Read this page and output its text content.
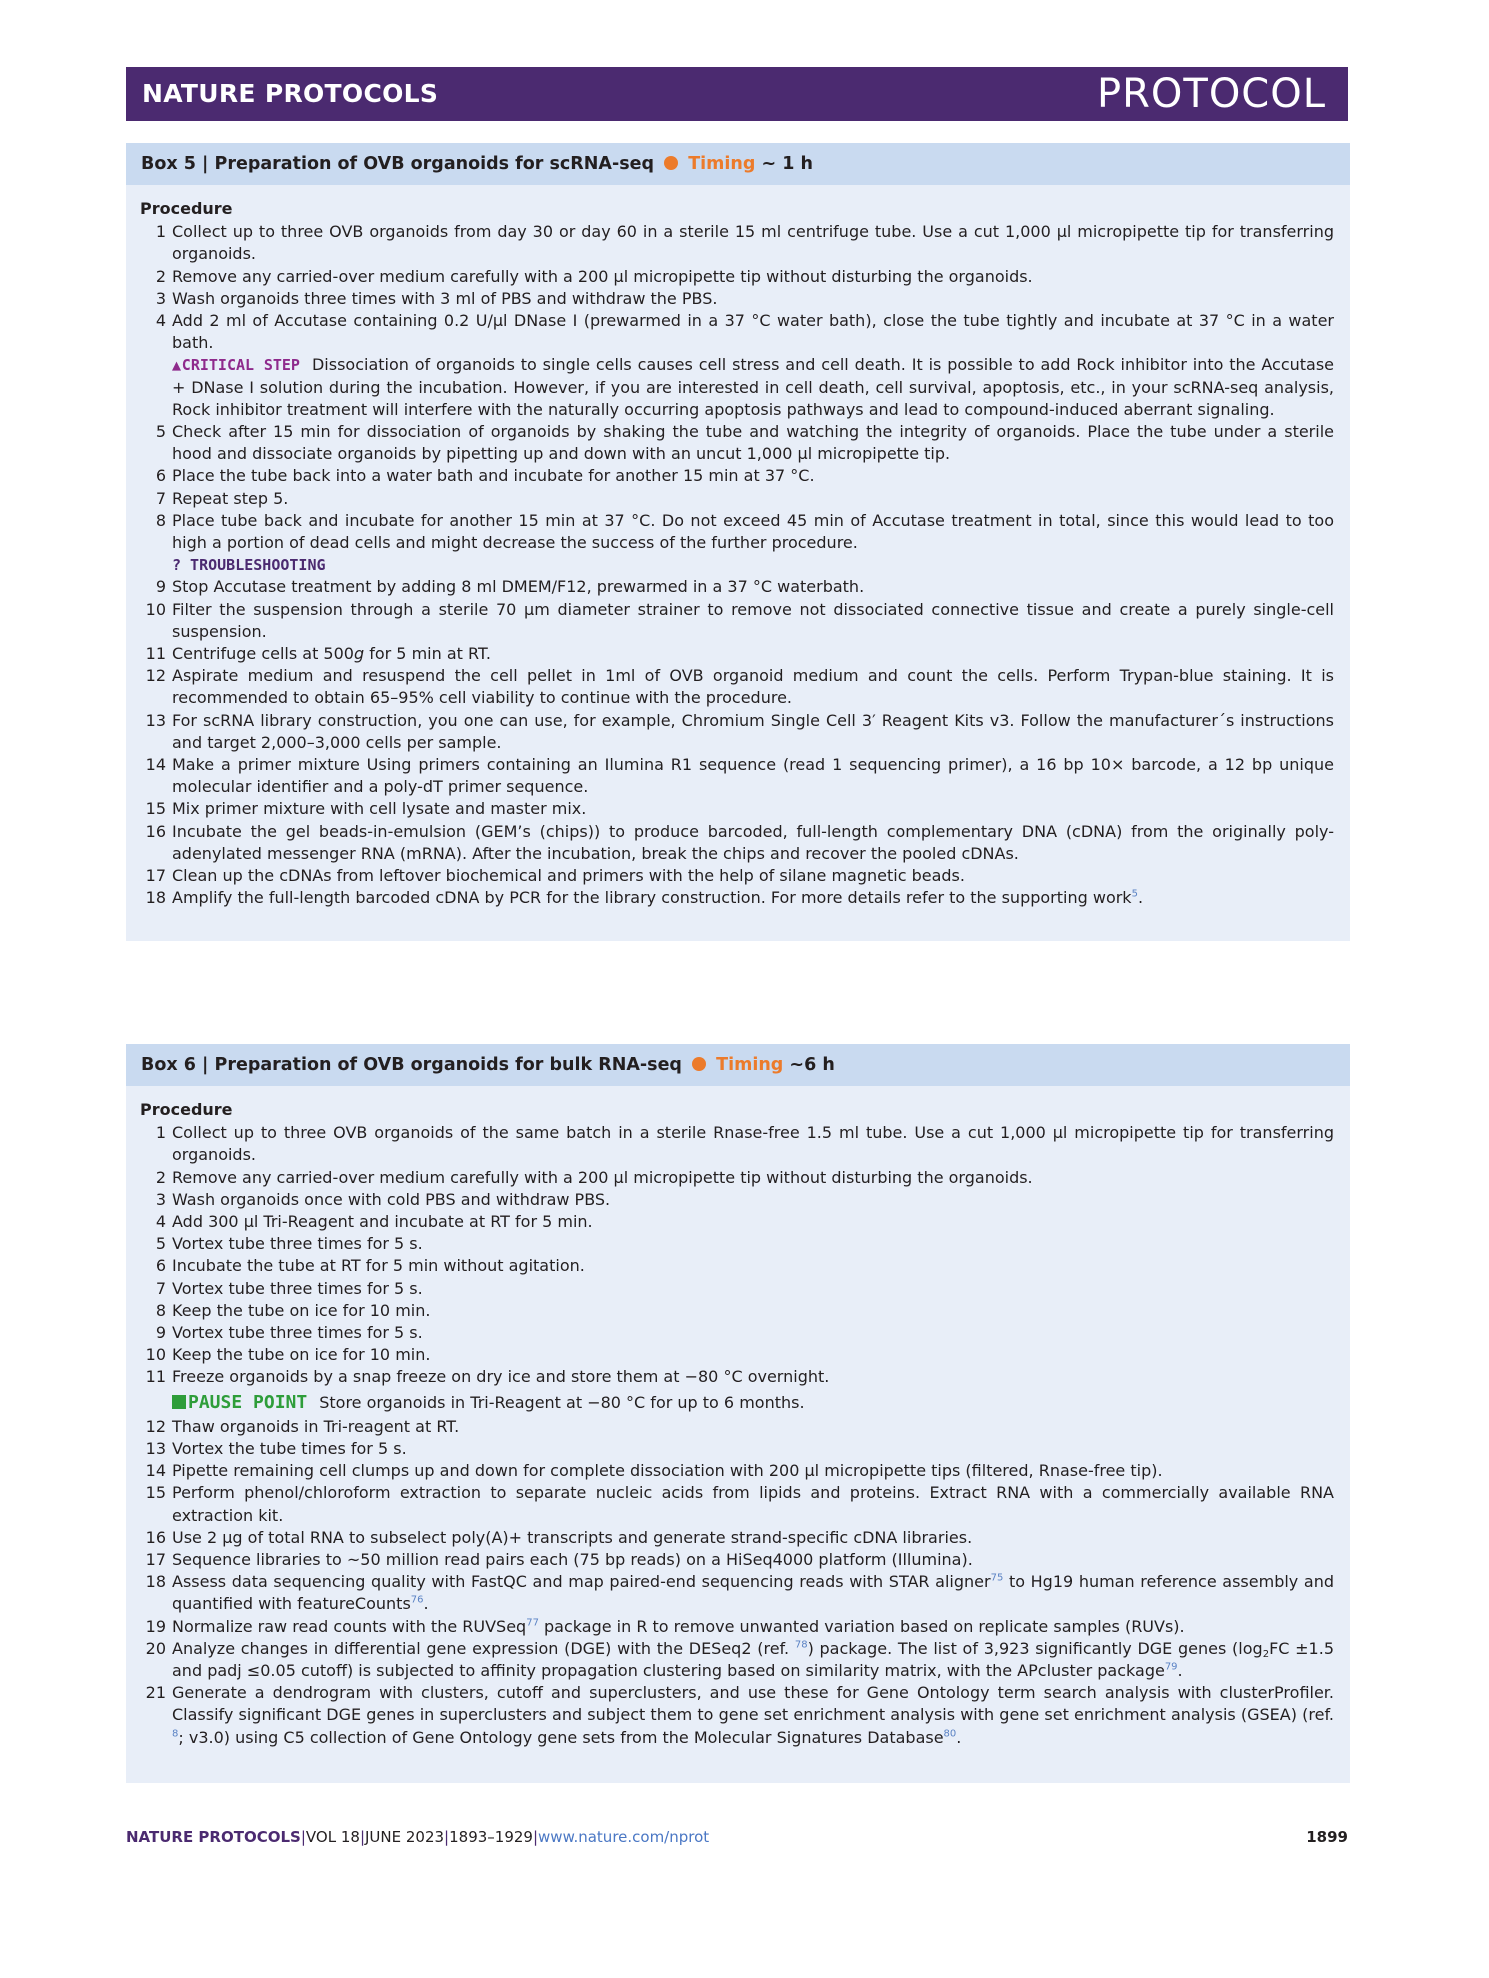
NATURE PROTOCOLS	PROTOCOL
Box 5 | Preparation of OVB organoids for scRNA-seq Timing ~ 1 h
Procedure
1 Collect up to three OVB organoids from day 30 or day 60 in a sterile 15 ml centrifuge tube. Use a cut 1,000 µl micropipette tip for transferring organoids.
2 Remove any carried-over medium carefully with a 200 µl micropipette tip without disturbing the organoids.
3 Wash organoids three times with 3 ml of PBS and withdraw the PBS.
4 Add 2 ml of Accutase containing 0.2 U/µl DNase I (prewarmed in a 37 °C water bath), close the tube tightly and incubate at 37 °C in a water bath.
▲CRITICAL STEP Dissociation of organoids to single cells causes cell stress and cell death. It is possible to add Rock inhibitor into the Accutase + DNase I solution during the incubation. However, if you are interested in cell death, cell survival, apoptosis, etc., in your scRNA-seq analysis, Rock inhibitor treatment will interfere with the naturally occurring apoptosis pathways and lead to compound-induced aberrant signaling.
5 Check after 15 min for dissociation of organoids by shaking the tube and watching the integrity of organoids. Place the tube under a sterile hood and dissociate organoids by pipetting up and down with an uncut 1,000 µl micropipette tip.
6 Place the tube back into a water bath and incubate for another 15 min at 37 °C.
7 Repeat step 5.
8 Place tube back and incubate for another 15 min at 37 °C. Do not exceed 45 min of Accutase treatment in total, since this would lead to too high a portion of dead cells and might decrease the success of the further procedure.
? TROUBLESHOOTING
9 Stop Accutase treatment by adding 8 ml DMEM/F12, prewarmed in a 37 °C waterbath.
10 Filter the suspension through a sterile 70 µm diameter strainer to remove not dissociated connective tissue and create a purely single-cell suspension.
11 Centrifuge cells at 500g for 5 min at RT.
12 Aspirate medium and resuspend the cell pellet in 1ml of OVB organoid medium and count the cells. Perform Trypan-blue staining. It is recommended to obtain 65–95% cell viability to continue with the procedure.
13 For scRNA library construction, you one can use, for example, Chromium Single Cell 3′ Reagent Kits v3. Follow the manufacturer´s instructions and target 2,000–3,000 cells per sample.
14 Make a primer mixture Using primers containing an Ilumina R1 sequence (read 1 sequencing primer), a 16 bp 10× barcode, a 12 bp unique molecular identifier and a poly-dT primer sequence.
15 Mix primer mixture with cell lysate and master mix.
16 Incubate the gel beads-in-emulsion (GEM’s (chips)) to produce barcoded, full-length complementary DNA (cDNA) from the originally poly-adenylated messenger RNA (mRNA). After the incubation, break the chips and recover the pooled cDNAs.
17 Clean up the cDNAs from leftover biochemical and primers with the help of silane magnetic beads.
18 Amplify the full-length barcoded cDNA by PCR for the library construction. For more details refer to the supporting work$^5$.
Box 6 | Preparation of OVB organoids for bulk RNA-seq Timing ~6 h
Procedure
1 Collect up to three OVB organoids of the same batch in a sterile Rnase-free 1.5 ml tube. Use a cut 1,000 µl micropipette tip for transferring organoids.
2 Remove any carried-over medium carefully with a 200 µl micropipette tip without disturbing the organoids.
3 Wash organoids once with cold PBS and withdraw PBS.
4 Add 300 µl Tri-Reagent and incubate at RT for 5 min.
5 Vortex tube three times for 5 s.
6 Incubate the tube at RT for 5 min without agitation.
7 Vortex tube three times for 5 s.
8 Keep the tube on ice for 10 min.
9 Vortex tube three times for 5 s.
10 Keep the tube on ice for 10 min.
11 Freeze organoids by a snap freeze on dry ice and store them at −80 °C overnight.
PAUSE POINT Store organoids in Tri-Reagent at −80 °C for up to 6 months.
12 Thaw organoids in Tri-reagent at RT.
13 Vortex the tube times for 5 s.
14 Pipette remaining cell clumps up and down for complete dissociation with 200 µl micropipette tips (filtered, Rnase-free tip).
15 Perform phenol/chloroform extraction to separate nucleic acids from lipids and proteins. Extract RNA with a commercially available RNA extraction kit.
16 Use 2 µg of total RNA to subselect poly(A)+ transcripts and generate strand-specific cDNA libraries.
17 Sequence libraries to ~50 million read pairs each (75 bp reads) on a HiSeq4000 platform (Illumina).
18 Assess data sequencing quality with FastQC and map paired-end sequencing reads with STAR aligner$^{75}$ to Hg19 human reference assembly and quantified with featureCounts$^{76}$.
19 Normalize raw read counts with the RUVSeq$^{77}$ package in R to remove unwanted variation based on replicate samples (RUVs).
20 Analyze changes in differential gene expression (DGE) with the DESeq2 (ref. $^{78}$) package. The list of 3,923 significantly DGE genes ($\log_2FC \pm 1.5$ and padj ≤0.05 cutoff) is subjected to affinity propagation clustering based on similarity matrix, with the APcluster package$^{79}$.
21 Generate a dendrogram with clusters, cutoff and superclusters, and use these for Gene Ontology term search analysis with clusterProfiler. Classify significant DGE genes in superclusters and subject them to gene set enrichment analysis with gene set enrichment analysis (GSEA) (ref. $^8$; v3.0) using C5 collection of Gene Ontology gene sets from the Molecular Signatures Database$^{80}$.
NATURE PROTOCOLS|VOL 18|JUNE 2023|1893–1929|www.nature.com/nprot	1899
